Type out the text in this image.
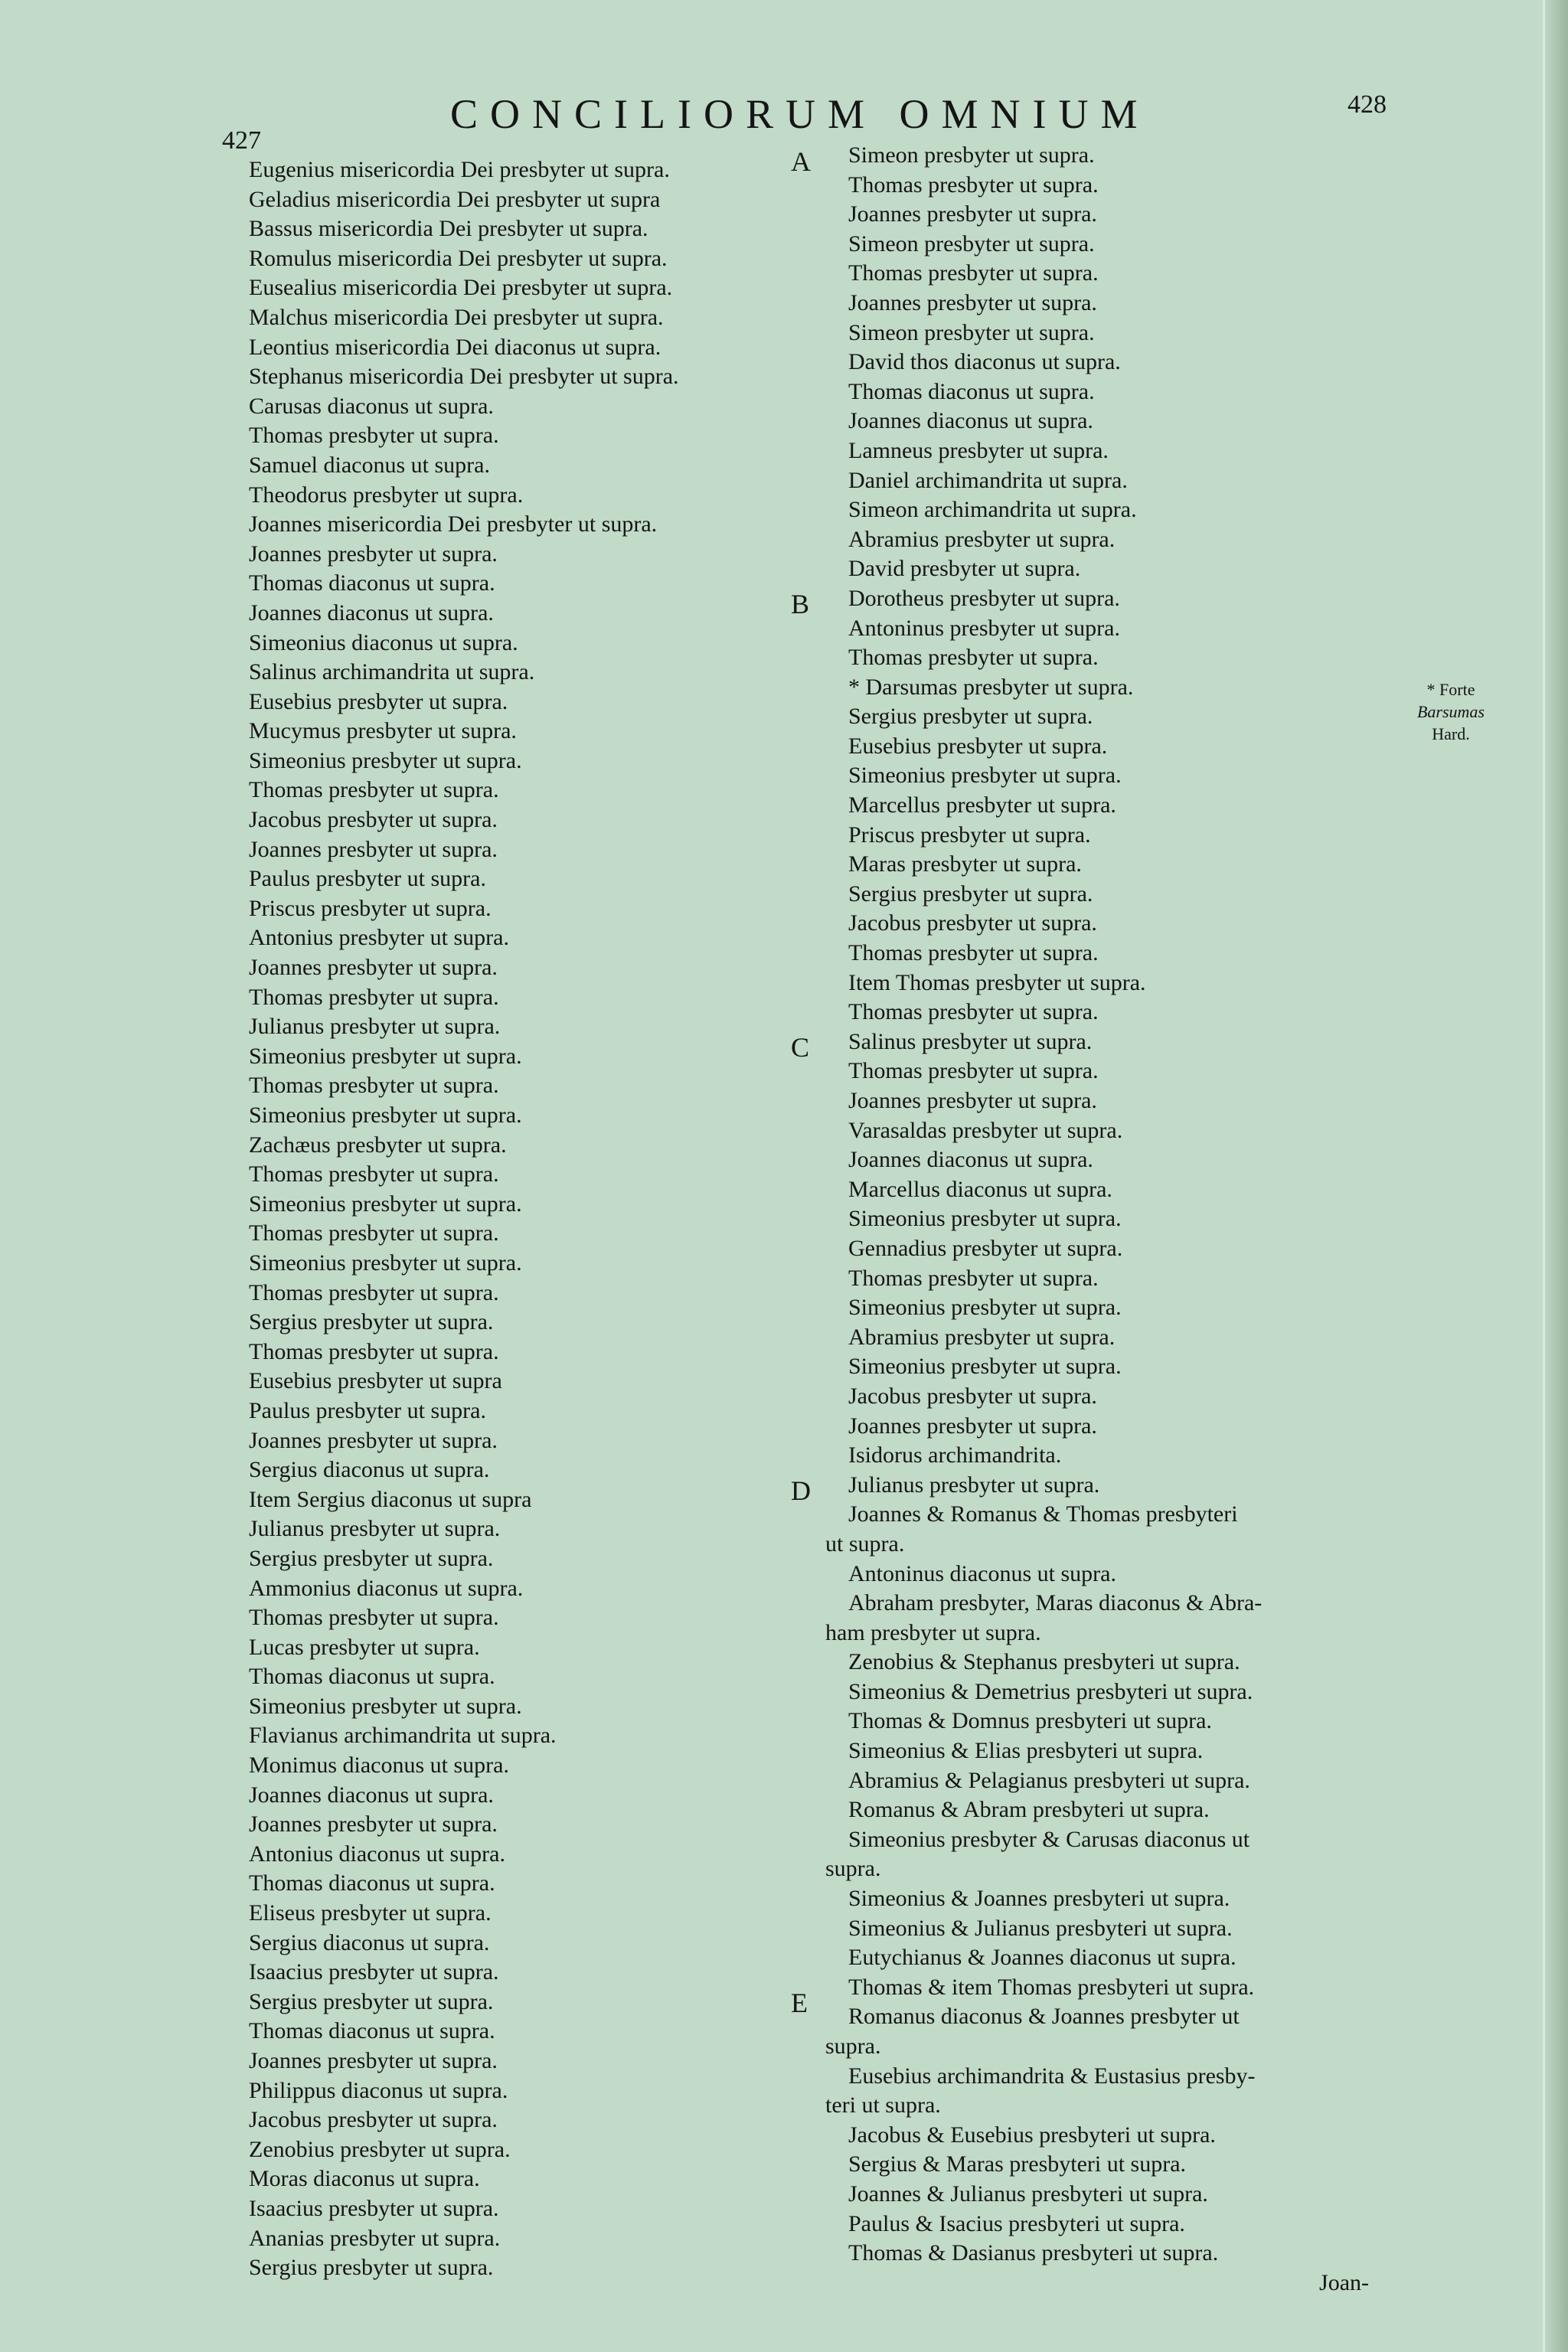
427
CONCILIORUM OMNIUM	428
Eugenius misericordia Dei presbyter ut supra.
Geladius misericordia Dei presbyter ut supra
Bassus misericordia Dei presbyter ut supra.
Romulus misericordia Dei presbyter ut supra.
Eusealius misericordia Dei presbyter ut supra.
Malchus misericordia Dei presbyter ut supra.
Leontius misericordia Dei diaconus ut supra.
Stephanus misericordia Dei presbyter ut supra.
Carusas diaconus ut supra.
Thomas presbyter ut supra.
Samuel diaconus ut supra.
Theodorus presbyter ut supra.
Joannes misericordia Dei presbyter ut supra.
Joannes presbyter ut supra.
Thomas diaconus ut supra.
Joannes diaconus ut supra.
Simeonius diaconus ut supra.
Salinus archimandrita ut supra.
Eusebius presbyter ut supra.
Mucymus presbyter ut supra.
Simeonius presbyter ut supra.
Thomas presbyter ut supra.
Jacobus presbyter ut supra.
Joannes presbyter ut supra.
Paulus presbyter ut supra.
Priscus presbyter ut supra.
Antonius presbyter ut supra.
Joannes presbyter ut supra.
Thomas presbyter ut supra.
Julianus presbyter ut supra.
Simeonius presbyter ut supra.
Thomas presbyter ut supra.
Simeonius presbyter ut supra.
Zachæus presbyter ut supra.
Thomas presbyter ut supra.
Simeonius presbyter ut supra.
Thomas presbyter ut supra.
Simeonius presbyter ut supra.
Thomas presbyter ut supra.
Sergius presbyter ut supra.
Thomas presbyter ut supra.
Eusebius presbyter ut supra
Paulus presbyter ut supra.
Joannes presbyter ut supra.
Sergius diaconus ut supra.
Item Sergius diaconus ut supra
Julianus presbyter ut supra.
Sergius presbyter ut supra.
Ammonius diaconus ut supra.
Thomas presbyter ut supra.
Lucas presbyter ut supra.
Thomas diaconus ut supra.
Simeonius presbyter ut supra.
Flavianus archimandrita ut supra.
Monimus diaconus ut supra.
Joannes diaconus ut supra.
Joannes presbyter ut supra.
Antonius diaconus ut supra.
Thomas diaconus ut supra.
Eliseus presbyter ut supra.
Sergius diaconus ut supra.
Isaacius presbyter ut supra.
Sergius presbyter ut supra.
Thomas diaconus ut supra.
Joannes presbyter ut supra.
Philippus diaconus ut supra.
Jacobus presbyter ut supra.
Zenobius presbyter ut supra.
Moras diaconus ut supra.
Isaacius presbyter ut supra.
Ananias presbyter ut supra.
Sergius presbyter ut supra.
Simeon presbyter ut supra.
Thomas presbyter ut supra.
Joannes presbyter ut supra.
Simeon presbyter ut supra.
Thomas presbyter ut supra.
Joannes presbyter ut supra.
Simeon presbyter ut supra.
David thos diaconus ut supra.
Thomas diaconus ut supra.
Joannes diaconus ut supra.
Lamneus presbyter ut supra.
Daniel archimandrita ut supra.
Simeon archimandrita ut supra.
Abramius presbyter ut supra.
David presbyter ut supra.
Dorotheus presbyter ut supra.
Antoninus presbyter ut supra.
Thomas presbyter ut supra.
* Darsumas presbyter ut supra.
Sergius presbyter ut supra.
Eusebius presbyter ut supra.
Simeonius presbyter ut supra.
Marcellus presbyter ut supra.
Priscus presbyter ut supra.
Maras presbyter ut supra.
Sergius presbyter ut supra.
Jacobus presbyter ut supra.
Thomas presbyter ut supra.
Item Thomas presbyter ut supra.
Thomas presbyter ut supra.
Salinus presbyter ut supra.
Thomas presbyter ut supra.
Joannes presbyter ut supra.
Varasaldas presbyter ut supra.
Joannes diaconus ut supra.
Marcellus diaconus ut supra.
Simeonius presbyter ut supra.
Gennadius presbyter ut supra.
Thomas presbyter ut supra.
Simeonius presbyter ut supra.
Abramius presbyter ut supra.
Simeonius presbyter ut supra.
Jacobus presbyter ut supra.
Joannes presbyter ut supra.
Isidorus archimandrita.
Julianus presbyter ut supra.
Joannes & Romanus & Thomas presbyteri
ut supra.
Antoninus diaconus ut supra.
Abraham presbyter, Maras diaconus & Abra-
ham presbyter ut supra.
Zenobius & Stephanus presbyteri ut supra.
Simeonius & Demetrius presbyteri ut supra.
Thomas & Domnus presbyteri ut supra.
Simeonius & Elias presbyteri ut supra.
Abramius & Pelagianus presbyteri ut supra.
Romanus & Abram presbyteri ut supra.
Simeonius presbyter & Carusas diaconus ut
supra.
Simeonius & Joannes presbyteri ut supra.
Simeonius & Julianus presbyteri ut supra.
Eutychianus & Joannes diaconus ut supra.
Thomas & item Thomas presbyteri ut supra.
Romanus diaconus & Joannes presbyter ut
supra.
Eusebius archimandrita & Eustasius presby-
teri ut supra.
Jacobus & Eusebius presbyteri ut supra.
Sergius & Maras presbyteri ut supra.
Joannes & Julianus presbyteri ut supra.
Paulus & Isacius presbyteri ut supra.
Thomas & Dasianus presbyteri ut supra.
Joan-
A
B
C
D
E
* Forte
Barsumas
Hard.
